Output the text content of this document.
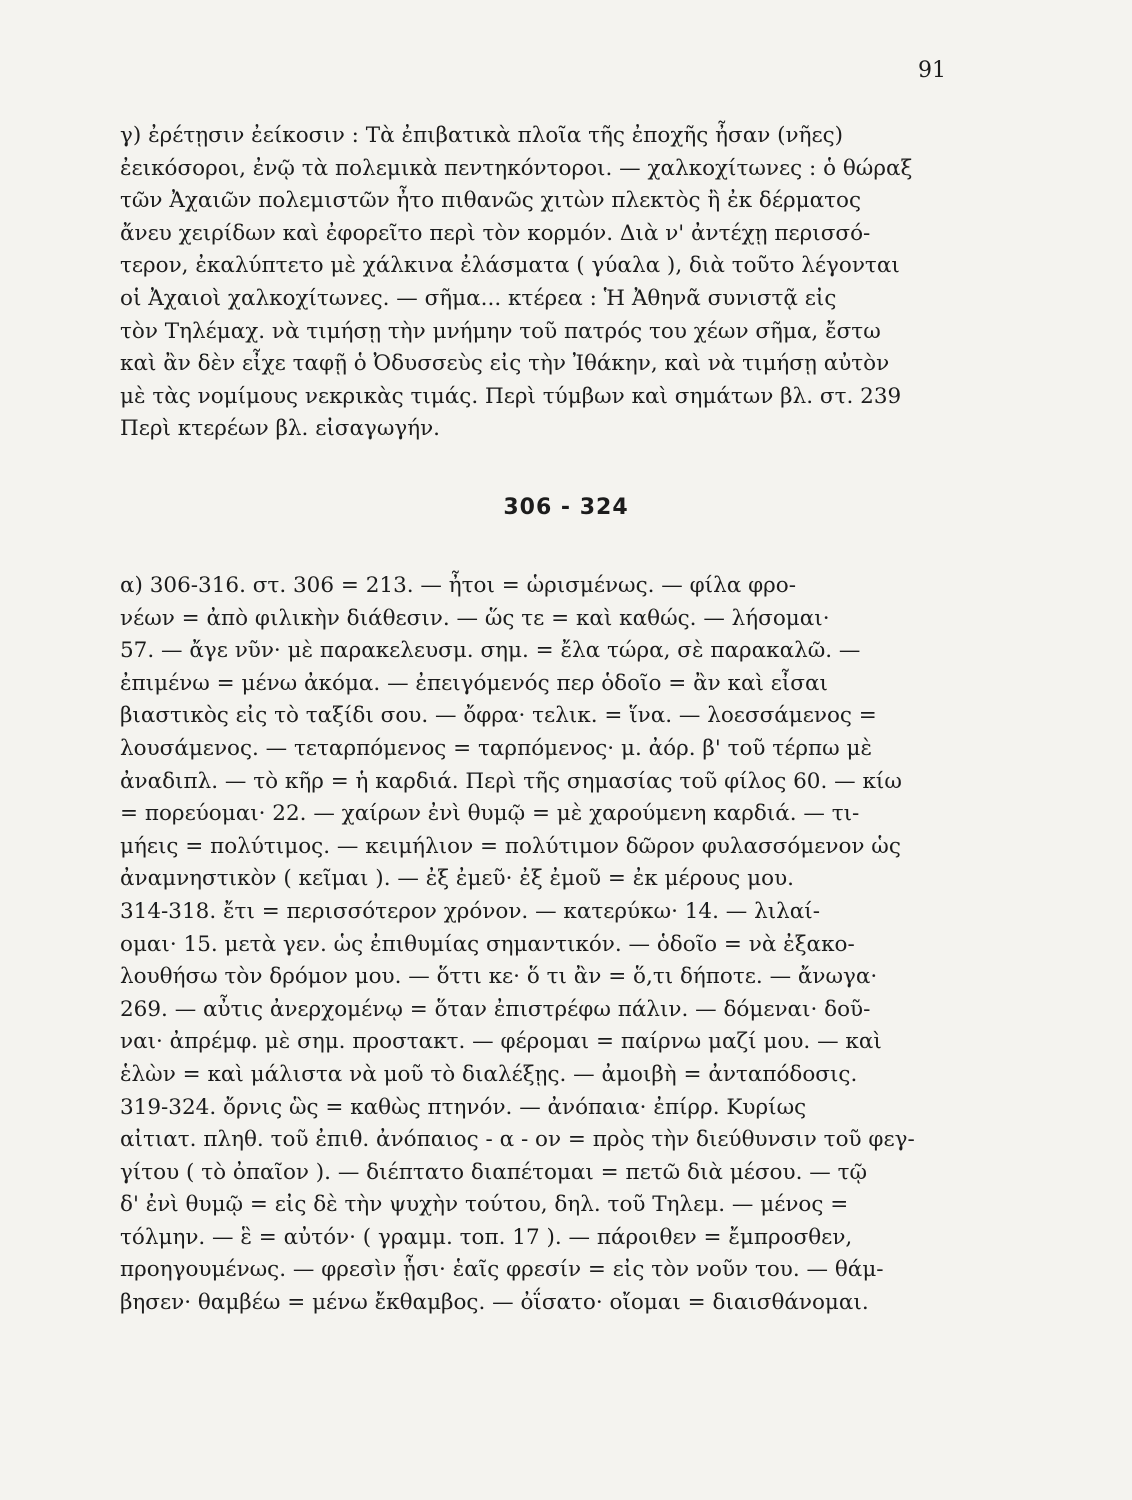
91
γ) ἐρέτῃσιν ἐείκοσιν : Τὰ ἐπιβατικὰ πλοῖα τῆς ἐποχῆς ἦσαν (νῆες)
ἐεικόσοροι, ἐνῷ τὰ πολεμικὰ πεντηκόντοροι. — χαλκοχίτωνες : ὁ θώραξ
τῶν Ἀχαιῶν πολεμιστῶν ἦτο πιθανῶς χιτὼν πλεκτὸς ἢ ἐκ δέρματος
ἄνευ χειρίδων καὶ ἐφορεῖτο περὶ τὸν κορμόν. Διὰ ν' ἀντέχῃ περισσό-
τερον, ἐκαλύπτετο μὲ χάλκινα ἐλάσματα ( γύαλα ), διὰ τοῦτο λέγονται
οἱ Ἀχαιοὶ χαλκοχίτωνες. — σῆμα... κτέρεα : Ἡ Ἀθηνᾶ συνιστᾷ εἰς
τὸν Τηλέμαχ. νὰ τιμήσῃ τὴν μνήμην τοῦ πατρός του χέων σῆμα, ἔστω
καὶ ἂν δὲν εἶχε ταφῇ ὁ Ὀδυσσεὺς εἰς τὴν Ἰθάκην, καὶ νὰ τιμήσῃ αὐτὸν
μὲ τὰς νομίμους νεκρικὰς τιμάς. Περὶ τύμβων καὶ σημάτων βλ. στ. 239
Περὶ κτερέων βλ. εἰσαγωγήν.
306 - 324
α) 306-316. στ. 306 = 213. — ἦτοι = ὡρισμένως. — φίλα φρο-
νέων = ἀπὸ φιλικὴν διάθεσιν. — ὥς τε = καὶ καθώς. — λήσομαι·
57. — ἄγε νῦν· μὲ παρακελευσμ. σημ. = ἔλα τώρα, σὲ παρακαλῶ. —
ἐπιμένω = μένω ἀκόμα. — ἐπειγόμενός περ ὁδοῖο = ἂν καὶ εἶσαι
βιαστικὸς εἰς τὸ ταξίδι σου. — ὄφρα· τελικ. = ἵνα. — λοεσσάμενος =
λουσάμενος. — τεταρπόμενος = ταρπόμενος· μ. ἀόρ. β' τοῦ τέρπω μὲ
ἀναδιπλ. — τὸ κῆρ = ἡ καρδιά. Περὶ τῆς σημασίας τοῦ φίλος 60. — κίω
= πορεύομαι· 22. — χαίρων ἐνὶ θυμῷ = μὲ χαρούμενη καρδιά. — τι-
μήεις = πολύτιμος. — κειμήλιον = πολύτιμον δῶρον φυλασσόμενον ὡς
ἀναμνηστικὸν ( κεῖμαι ). — ἐξ ἐμεῦ· ἐξ ἐμοῦ = ἐκ μέρους μου.
314-318. ἔτι = περισσότερον χρόνον. — κατερύκω· 14. — λιλαί-
ομαι· 15. μετὰ γεν. ὡς ἐπιθυμίας σημαντικόν. — ὁδοῖο = νὰ ἐξακο-
λουθήσω τὸν δρόμον μου. — ὅττι κε· ὅ τι ἂν = ὅ,τι δήποτε. — ἄνωγα·
269. — αὖτις ἀνερχομένῳ = ὅταν ἐπιστρέφω πάλιν. — δόμεναι· δοῦ-
ναι· ἀπρέμφ. μὲ σημ. προστακτ. — φέρομαι = παίρνω μαζί μου. — καὶ
ἑλὼν = καὶ μάλιστα νὰ μοῦ τὸ διαλέξῃς. — ἀμοιβὴ = ἀνταπόδοσις.
319-324. ὄρνις ὣς = καθὼς πτηνόν. — ἀνόπαια· ἐπίρρ. Κυρίως
αἰτιατ. πληθ. τοῦ ἐπιθ. ἀνόπαιος - α - ον = πρὸς τὴν διεύθυνσιν τοῦ φεγ-
γίτου ( τὸ ὀπαῖον ). — διέπτατο διαπέτομαι = πετῶ διὰ μέσου. — τῷ
δ' ἐνὶ θυμῷ = εἰς δὲ τὴν ψυχὴν τούτου, δηλ. τοῦ Τηλεμ. — μένος =
τόλμην. — ἓ = αὐτόν· ( γραμμ. τοπ. 17 ). — πάροιθεν = ἔμπροσθεν,
προηγουμένως. — φρεσὶν ᾗσι· ἑαῖς φρεσίν = εἰς τὸν νοῦν του. — θάμ-
βησεν· θαμβέω = μένω ἔκθαμβος. — ὀΐσατο· οἴομαι = διαισθάνομαι.
